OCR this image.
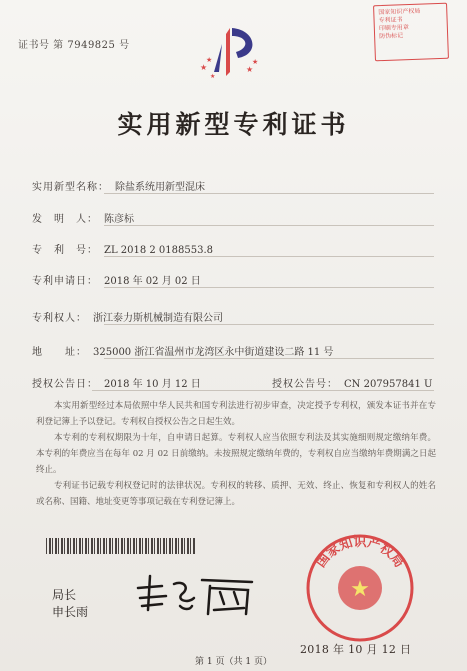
证书号 第 7949825 号
国家知识产权局
专利证书
印刷专用章
防伪标记
★
★
★
★
★
实用新型专利证书
实用新型名称： 除盐系统用新型混床
发　明　人： 陈彦标
专　利　号： ZL 2018 2 0188553.8
专利申请日： 2018 年 02 月 02 日
专利权人： 浙江泰力斯机械制造有限公司
地　　址： 325000 浙江省温州市龙湾区永中街道建设二路 11 号
授权公告日： 2018 年 10 月 12 日	授权公告号： CN 207957841 U

本实用新型经过本局依照中华人民共和国专利法进行初步审查，决定授予专利权，颁发本证书并在专利登记簿上予以登记。专利权自授权公告之日起生效。

本专利的专利权期限为十年，自申请日起算。专利权人应当依照专利法及其实施细则规定缴纳年费。本专利的年费应当在每年 02 月 02 日前缴纳。未按照规定缴纳年费的，专利权自应当缴纳年费期满之日起终止。

专利证书记载专利权登记时的法律状况。专利权的转移、质押、无效、终止、恢复和专利权人的姓名或名称、国籍、地址变更等事项记载在专利登记簿上。

局长
申长雨
★
国家知识产权局
2018 年 10 月 12 日
第 1 页（共 1 页）
